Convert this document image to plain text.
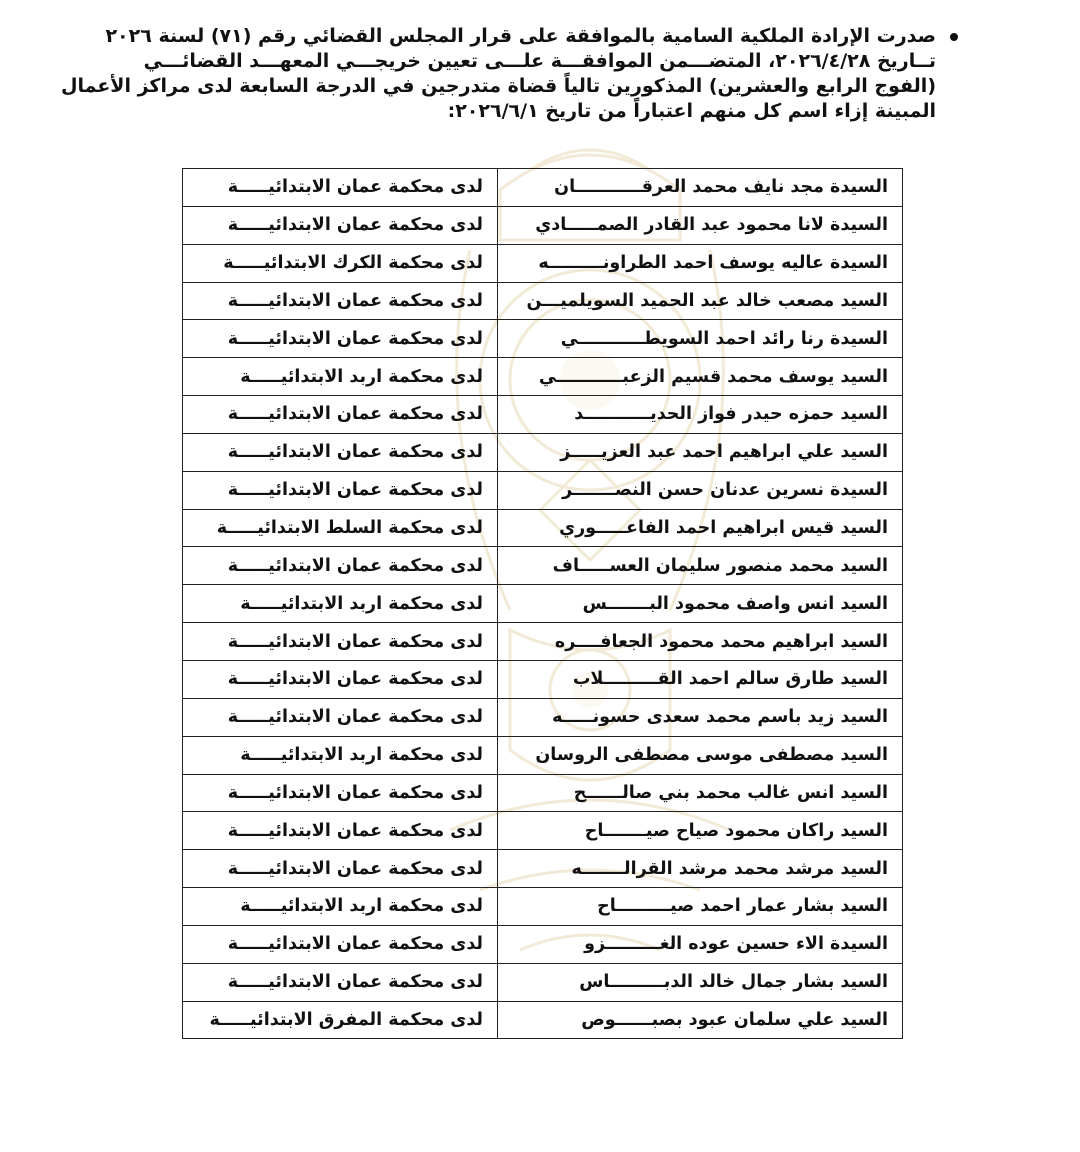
صدرت الإرادة الملكية السامية بالموافقة على قرار المجلس القضائي رقم (٧١) لسنة ٢٠٢٦
تــاريخ ٢٠٢٦/٤/٢٨، المتضـــمن الموافقـــة علـــى تعيين خريجـــي المعهـــد القضائـــي
(الفوج الرابع والعشرين) المذكورين تالياً قضاة متدرجين في الدرجة السابعة لدى مراكز الأعمال
المبينة إزاء اسم كل منهم اعتباراً من تاريخ ٢٠٢٦/٦/١:
السيدة مجد نايف محمد العرقـــــــــــان	لدى محكمة عمان الابتدائيـــــة
السيدة لانا محمود عبد القادر الصمـــــادي	لدى محكمة عمان الابتدائيـــــة
السيدة عاليه يوسف احمد الطراونـــــــــه	لدى محكمة الكرك الابتدائيـــــة
السيد مصعب خالد عبد الحميد السويلميـــن	لدى محكمة عمان الابتدائيـــــة
السيدة رنا رائد احمد السويطـــــــــــي	لدى محكمة عمان الابتدائيـــــة
السيد يوسف محمد قسيم الزعبـــــــــــي	لدى محكمة اربد الابتدائيـــــة
السيد حمزه حيدر فواز الحديـــــــــــد	لدى محكمة عمان الابتدائيـــــة
السيد علي ابراهيم احمد عبد العزيـــــز	لدى محكمة عمان الابتدائيـــــة
السيدة نسرين عدنان حسن النصـــــــر	لدى محكمة عمان الابتدائيـــــة
السيد قيس ابراهيم احمد الفاعـــــوري	لدى محكمة السلط الابتدائيـــــة
السيد محمد منصور سليمان العســـــاف	لدى محكمة عمان الابتدائيـــــة
السيد انس واصف محمود البـــــــس	لدى محكمة اربد الابتدائيـــــة
السيد ابراهيم محمد محمود الجعافــــره	لدى محكمة عمان الابتدائيـــــة
السيد طارق سالم احمد القـــــــــلاب	لدى محكمة عمان الابتدائيـــــة
السيد زيد باسم محمد سعدى حسونـــــه	لدى محكمة عمان الابتدائيـــــة
السيد مصطفى موسى مصطفى الروسان	لدى محكمة اربد الابتدائيـــــة
السيد انس غالب محمد بني صالــــــح	لدى محكمة عمان الابتدائيـــــة
السيد راكان محمود صياح صيـــــــاح	لدى محكمة عمان الابتدائيـــــة
السيد مرشد محمد مرشد القرالـــــــه	لدى محكمة عمان الابتدائيـــــة
السيد بشار عمار احمد صيـــــــــاح	لدى محكمة اربد الابتدائيـــــة
السيدة الاء حسين عوده الغـــــــــزو	لدى محكمة عمان الابتدائيـــــة
السيد بشار جمال خالد الدبـــــــــاس	لدى محكمة عمان الابتدائيـــــة
السيد علي سلمان عبود بصبــــــوص	لدى محكمة المفرق الابتدائيـــــة
